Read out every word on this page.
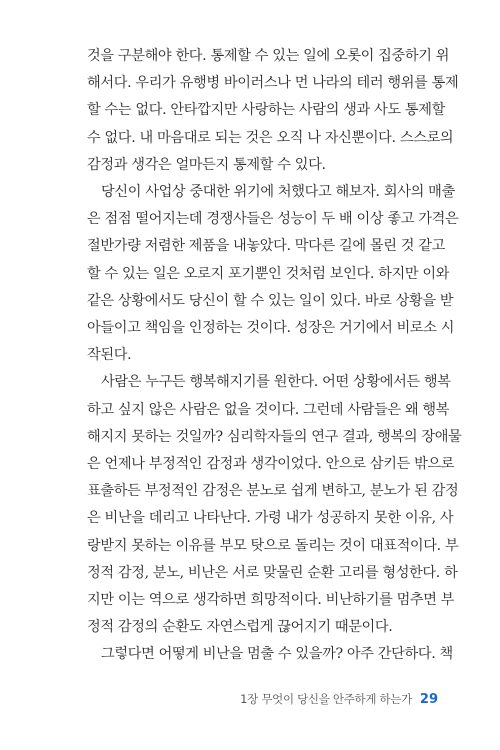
것을 구분해야 한다. 통제할 수 있는 일에 오롯이 집중하기 위
해서다. 우리가 유행병 바이러스나 먼 나라의 테러 행위를 통제
할 수는 없다. 안타깝지만 사랑하는 사람의 생과 사도 통제할
수 없다. 내 마음대로 되는 것은 오직 나 자신뿐이다. 스스로의
감정과 생각은 얼마든지 통제할 수 있다.
당신이 사업상 중대한 위기에 처했다고 해보자. 회사의 매출
은 점점 떨어지는데 경쟁사들은 성능이 두 배 이상 좋고 가격은
절반가량 저렴한 제품을 내놓았다. 막다른 길에 몰린 것 같고
할 수 있는 일은 오로지 포기뿐인 것처럼 보인다. 하지만 이와
같은 상황에서도 당신이 할 수 있는 일이 있다. 바로 상황을 받
아들이고 책임을 인정하는 것이다. 성장은 거기에서 비로소 시
작된다.
사람은 누구든 행복해지기를 원한다. 어떤 상황에서든 행복
하고 싶지 않은 사람은 없을 것이다. 그런데 사람들은 왜 행복
해지지 못하는 것일까? 심리학자들의 연구 결과, 행복의 장애물
은 언제나 부정적인 감정과 생각이었다. 안으로 삼키든 밖으로
표출하든 부정적인 감정은 분노로 쉽게 변하고, 분노가 된 감정
은 비난을 데리고 나타난다. 가령 내가 성공하지 못한 이유, 사
랑받지 못하는 이유를 부모 탓으로 돌리는 것이 대표적이다. 부
정적 감정, 분노, 비난은 서로 맞물린 순환 고리를 형성한다. 하
지만 이는 역으로 생각하면 희망적이다. 비난하기를 멈추면 부
정적 감정의 순환도 자연스럽게 끊어지기 때문이다.
그렇다면 어떻게 비난을 멈출 수 있을까? 아주 간단하다. 책
1장 무엇이 당신을 안주하게 하는가 29
